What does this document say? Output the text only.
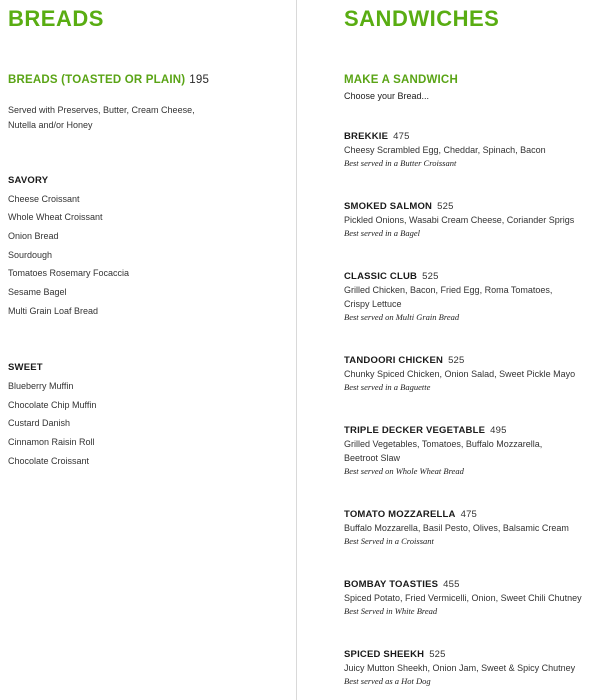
BREADS
BREADS (TOASTED OR PLAIN) 195
Served with Preserves, Butter, Cream Cheese,
Nutella and/or Honey
SAVORY
Cheese Croissant
Whole Wheat Croissant
Onion Bread
Sourdough
Tomatoes Rosemary Focaccia
Sesame Bagel
Multi Grain Loaf Bread
SWEET
Blueberry Muffin
Chocolate Chip Muffin
Custard Danish
Cinnamon Raisin Roll
Chocolate Croissant
SANDWICHES
MAKE A SANDWICH
Choose your Bread...
BREKKIE 475
Cheesy Scrambled Egg, Cheddar, Spinach, Bacon
Best served in a Butter Croissant
SMOKED SALMON 525
Pickled Onions, Wasabi Cream Cheese, Coriander Sprigs
Best served in a Bagel
CLASSIC CLUB 525
Grilled Chicken, Bacon, Fried Egg, Roma Tomatoes,
Crispy Lettuce
Best served on Multi Grain Bread
TANDOORI CHICKEN 525
Chunky Spiced Chicken, Onion Salad, Sweet Pickle Mayo
Best served in a Baguette
TRIPLE DECKER VEGETABLE 495
Grilled Vegetables, Tomatoes, Buffalo Mozzarella,
Beetroot Slaw
Best served on Whole Wheat Bread
TOMATO MOZZARELLA 475
Buffalo Mozzarella, Basil Pesto, Olives, Balsamic Cream
Best Served in a Croissant
BOMBAY TOASTIES 455
Spiced Potato, Fried Vermicelli, Onion, Sweet Chili Chutney
Best Served in White Bread
SPICED SHEEKH 525
Juicy Mutton Sheekh, Onion Jam, Sweet & Spicy Chutney
Best served as a Hot Dog
